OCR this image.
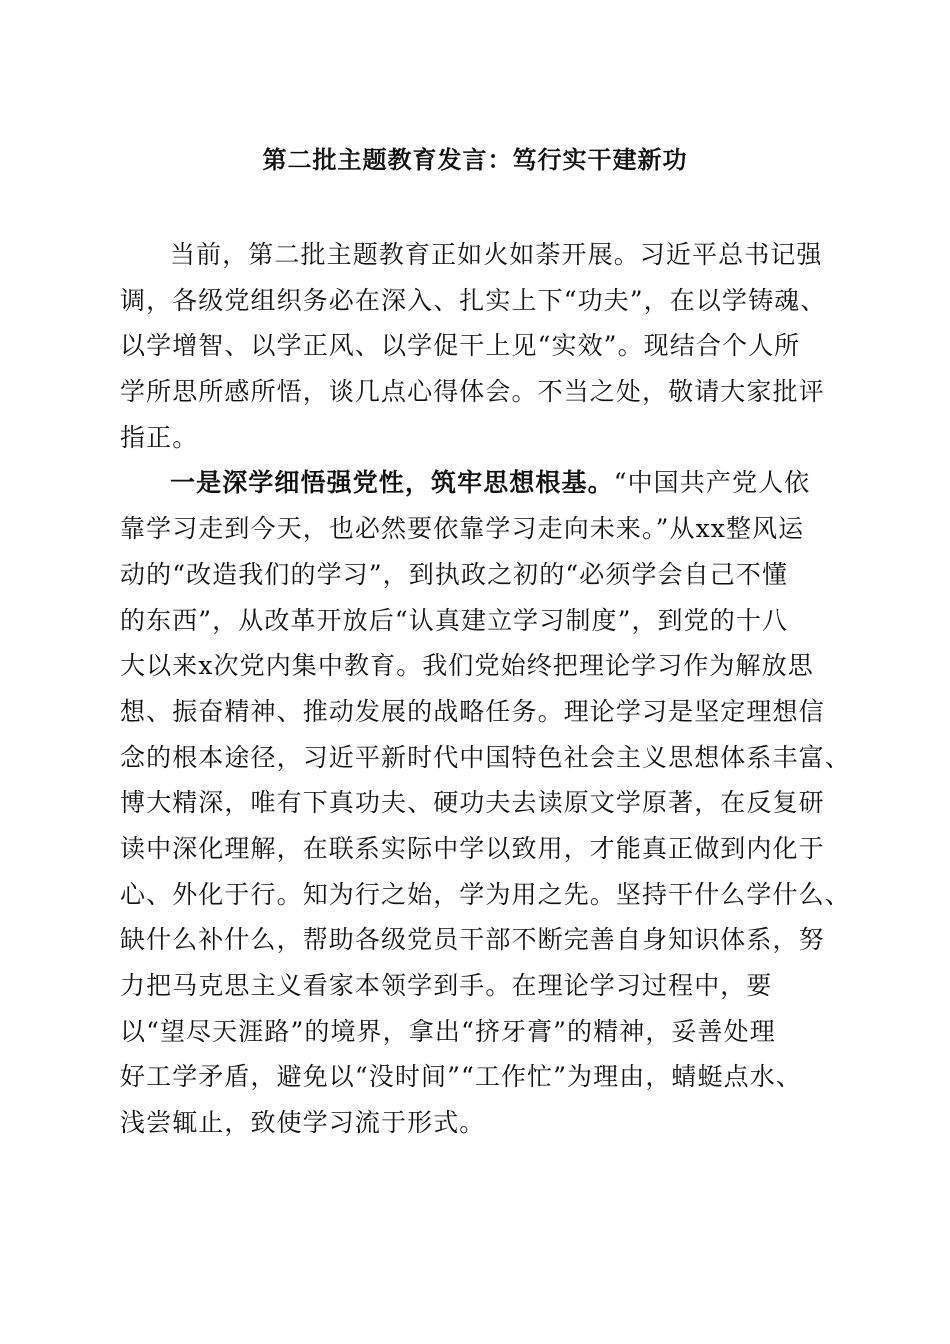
第二批主题教育发言：笃行实干建新功
当前，第二批主题教育正如火如荼开展。习近平总书记强
调，各级党组织务必在深入、扎实上下“功夫”，在以学铸魂、
以学增智、以学正风、以学促干上见“实效”。现结合个人所
学所思所感所悟，谈几点心得体会。不当之处，敬请大家批评
指正。
一是深学细悟强党性，筑牢思想根基。“中国共产党人依
靠学习走到今天，也必然要依靠学习走向未来。”从xx整风运
动的“改造我们的学习”，到执政之初的“必须学会自己不懂
的东西”，从改革开放后“认真建立学习制度”，到党的十八
大以来x次党内集中教育。我们党始终把理论学习作为解放思
想、振奋精神、推动发展的战略任务。理论学习是坚定理想信
念的根本途径，习近平新时代中国特色社会主义思想体系丰富、
博大精深，唯有下真功夫、硬功夫去读原文学原著，在反复研
读中深化理解，在联系实际中学以致用，才能真正做到内化于
心、外化于行。知为行之始，学为用之先。坚持干什么学什么、
缺什么补什么，帮助各级党员干部不断完善自身知识体系，努
力把马克思主义看家本领学到手。在理论学习过程中，要
以“望尽天涯路”的境界，拿出“挤牙膏”的精神，妥善处理
好工学矛盾，避免以“没时间”“工作忙”为理由，蜻蜓点水、
浅尝辄止，致使学习流于形式。
